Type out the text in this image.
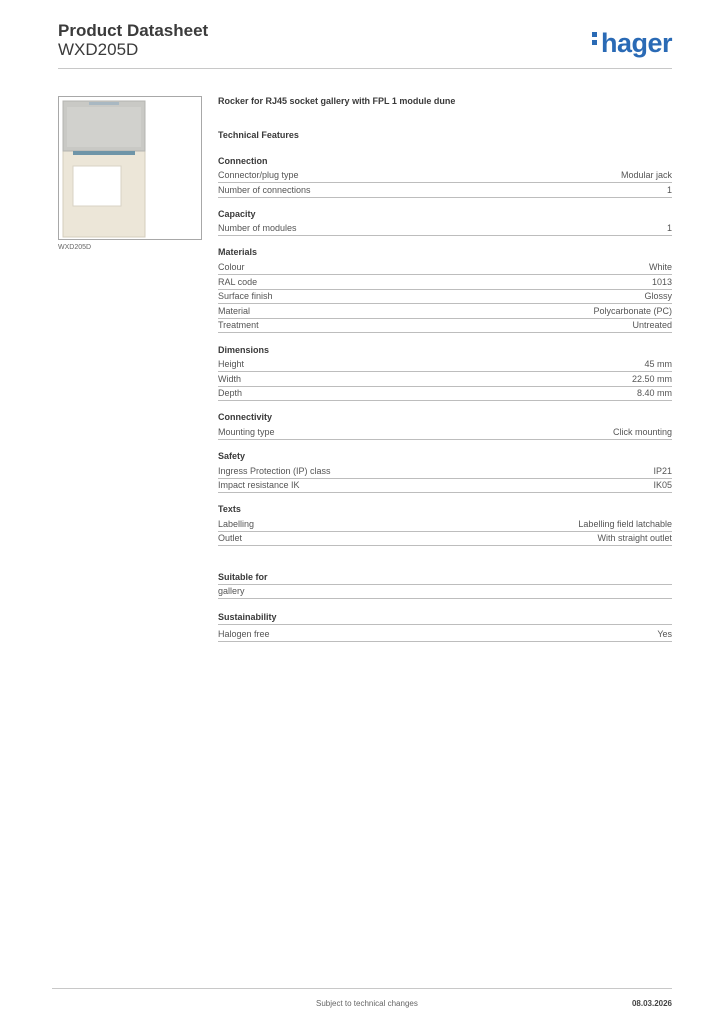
Product Datasheet
WXD205D	hager
WXD205D
Rocker for RJ45 socket gallery with FPL 1 module dune
Technical Features
Connection
Connector/plug type	Modular jack
Number of connections	1
Capacity
Number of modules	1
Materials
Colour	White
RAL code	1013
Surface finish	Glossy
Material	Polycarbonate (PC)
Treatment	Untreated
Dimensions
Height	45 mm
Width	22.50 mm
Depth	8.40 mm
Connectivity
Mounting type	Click mounting
Safety
Ingress Protection (IP) class	IP21
Impact resistance IK	IK05
Texts
Labelling	Labelling field latchable
Outlet	With straight outlet
Suitable for
gallery
Sustainability
Halogen free	Yes
Subject to technical changes	08.03.2026
